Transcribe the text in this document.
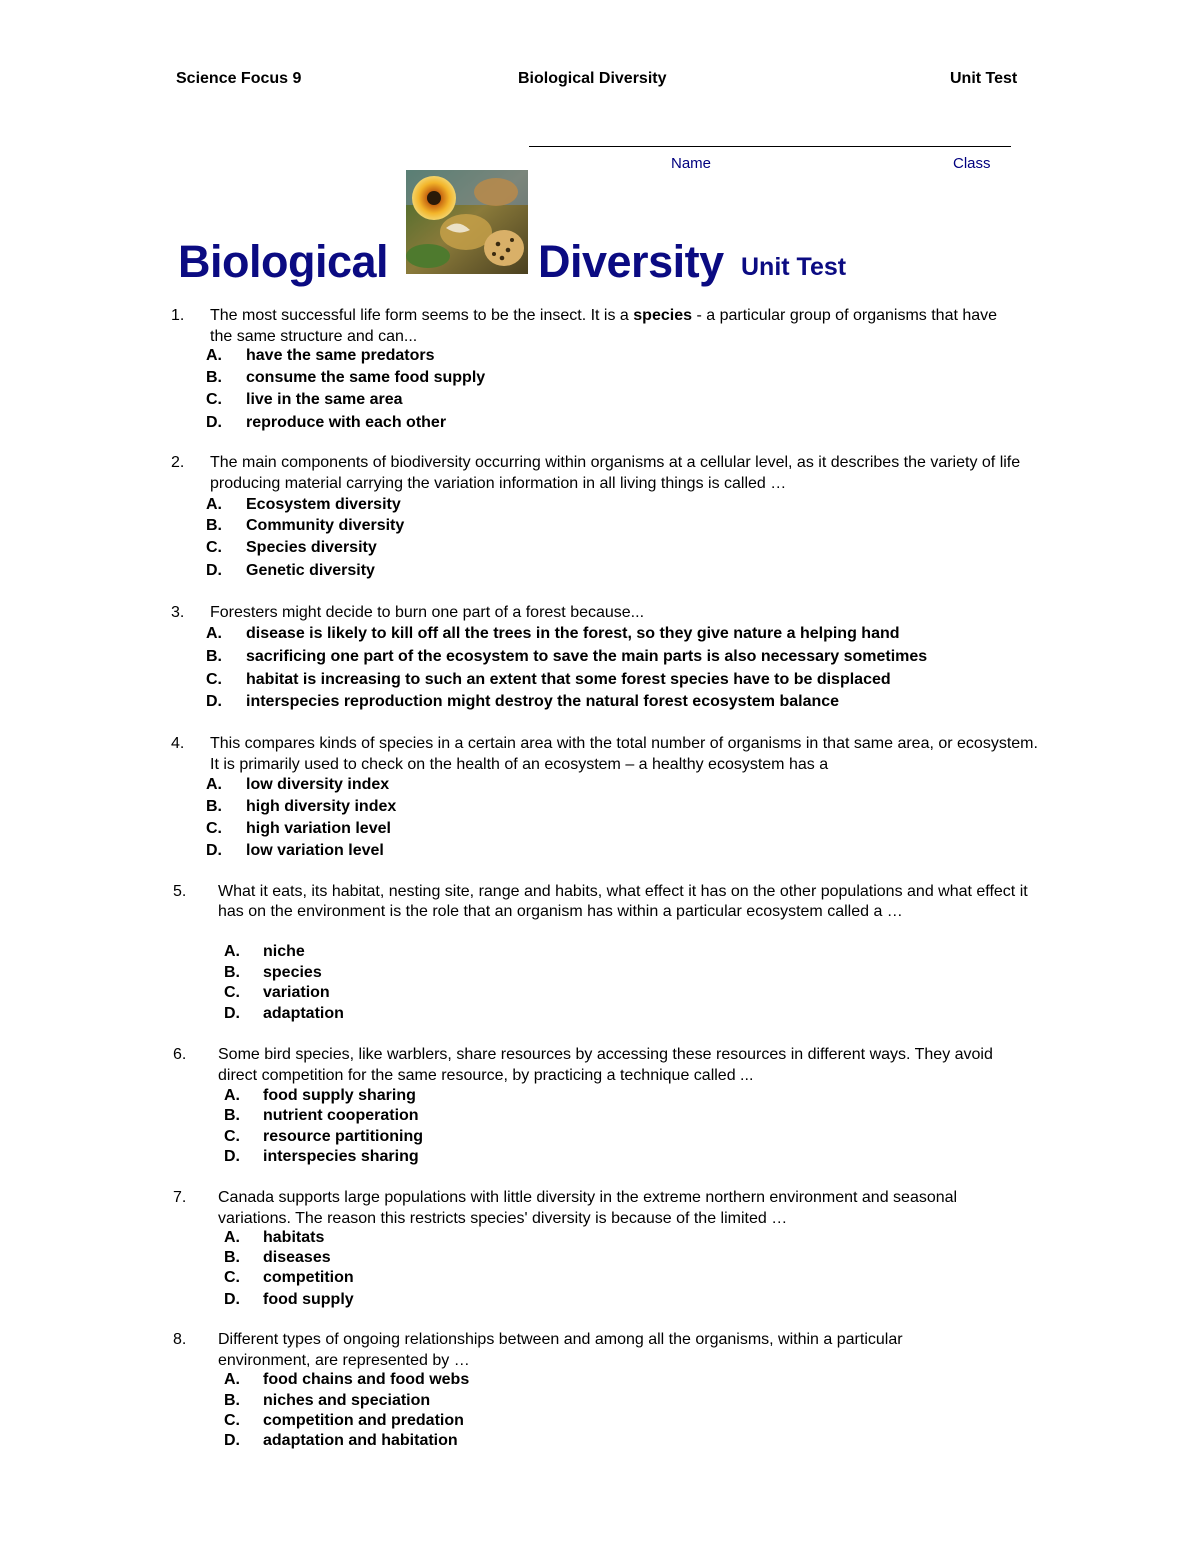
Science Focus 9	Biological Diversity	Unit Test
Name	Class
Biological	Diversity Unit Test
1.	The most successful life form seems to be the insect. It is a species - a particular group of organisms that have the same structure and can...
A.	have the same predators
B.	consume the same food supply
C.	live in the same area
D.	reproduce with each other
2.	The main components of biodiversity occurring within organisms at a cellular level, as it describes the variety of life producing material carrying the variation information in all living things is called …
A.	Ecosystem diversity
B.	Community diversity
C.	Species diversity
D.	Genetic diversity
3.	Foresters might decide to burn one part of a forest because...
A.	disease is likely to kill off all the trees in the forest, so they give nature a helping hand
B.	sacrificing one part of the ecosystem to save the main parts is also necessary sometimes
C.	habitat is increasing to such an extent that some forest species have to be displaced
D.	interspecies reproduction might destroy the natural forest ecosystem balance
4.	This compares kinds of species in a certain area with the total number of organisms in that same area, or ecosystem. It is primarily used to check on the health of an ecosystem – a healthy ecosystem has a
A.	low diversity index
B.	high diversity index
C.	high variation level
D.	low variation level
5.	What it eats, its habitat, nesting site, range and habits, what effect it has on the other populations and what effect it has on the environment is the role that an organism has within a particular ecosystem called a …
A.	niche
B.	species
C.	variation
D.	adaptation
6.	Some bird species, like warblers, share resources by accessing these resources in different ways. They avoid direct competition for the same resource, by practicing a technique called ...
A.	food supply sharing
B.	nutrient cooperation
C.	resource partitioning
D.	interspecies sharing
7.	Canada supports large populations with little diversity in the extreme northern environment and seasonal variations. The reason this restricts species' diversity is because of the limited …
A.	habitats
B.	diseases
C.	competition
D.	food supply
8.	Different types of ongoing relationships between and among all the organisms, within a particular environment, are represented by …
A.	food chains and food webs
B.	niches and speciation
C.	competition and predation
D.	adaptation and habitation
